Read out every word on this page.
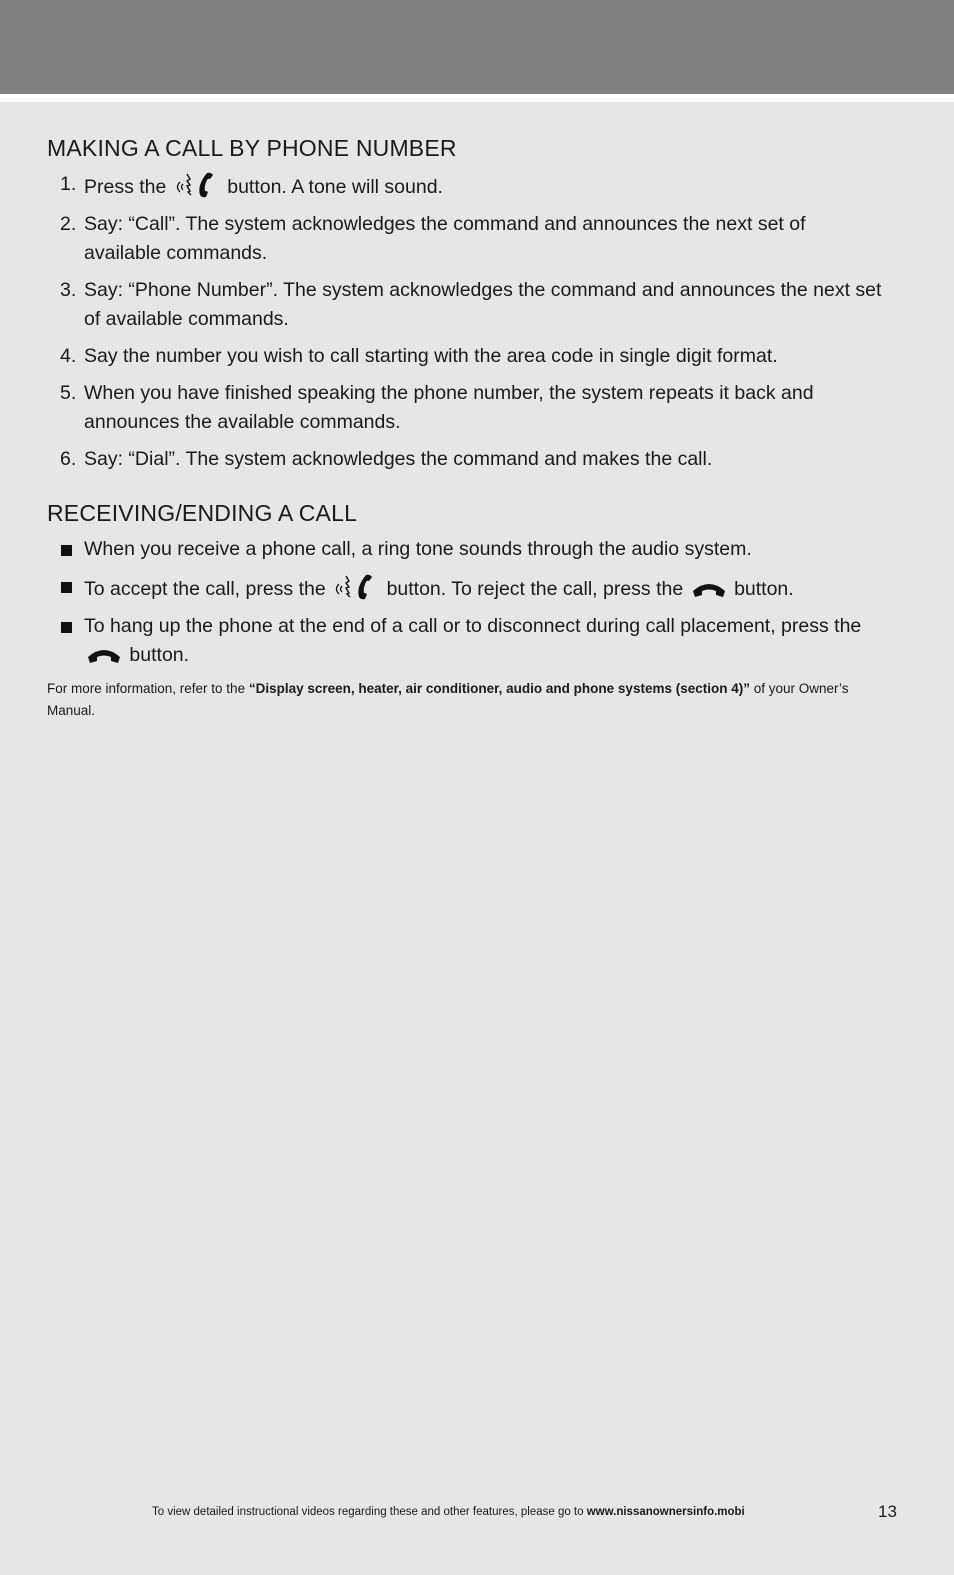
MAKING A CALL BY PHONE NUMBER
1. Press the	button. A tone will sound.
2. Say: “Call”. The system acknowledges the command and announces the next set of available commands.
3. Say: “Phone Number”. The system acknowledges the command and announces the next set of available commands.
4. Say the number you wish to call starting with the area code in single digit format.
5. When you have finished speaking the phone number, the system repeats it back and announces the available commands.
6. Say: “Dial”. The system acknowledges the command and makes the call.
RECEIVING/ENDING A CALL
When you receive a phone call, a ring tone sounds through the audio system.
To accept the call, press the	button. To reject the call, press the	button.
To hang up the phone at the end of a call or to disconnect during call placement, press the  button.

For more information, refer to the “Display screen, heater, air conditioner, audio and phone systems (section 4)” of your Owner’s Manual.

To view detailed instructional videos regarding these and other features, please go to www.nissanownersinfo.mobi	13
